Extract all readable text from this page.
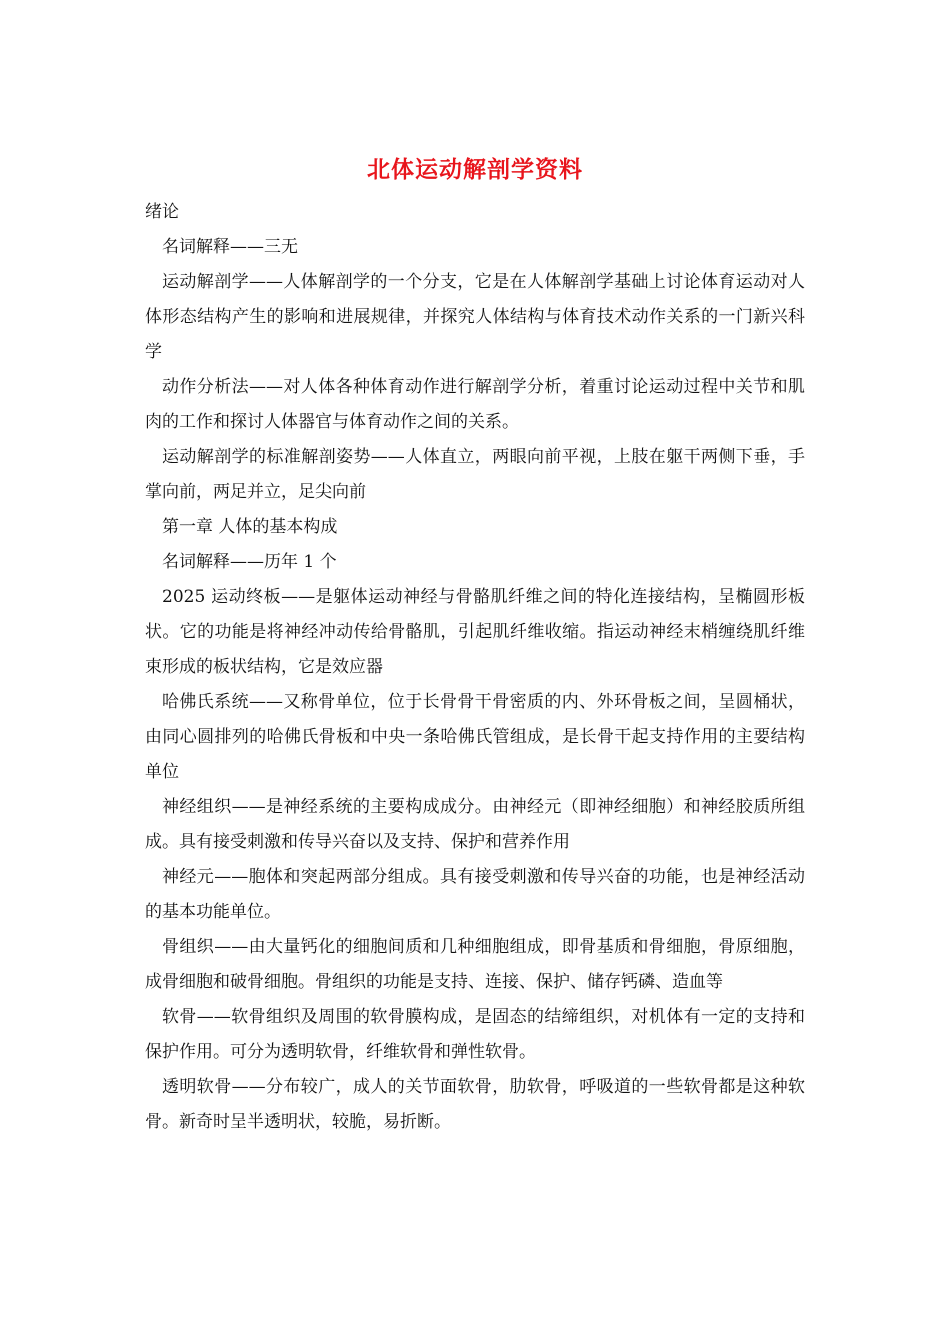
北体运动解剖学资料

绪论

名词解释——三无

运动解剖学——人体解剖学的一个分支，它是在人体解剖学基础上讨论体育运动对人体形态结构产生的影响和进展规律，并探究人体结构与体育技术动作关系的一门新兴科学

动作分析法——对人体各种体育动作进行解剖学分析，着重讨论运动过程中关节和肌肉的工作和探讨人体器官与体育动作之间的关系。

运动解剖学的标准解剖姿势——人体直立，两眼向前平视，上肢在躯干两侧下垂，手掌向前，两足并立，足尖向前

第一章 人体的基本构成

名词解释——历年 1 个

2025 运动终板——是躯体运动神经与骨骼肌纤维之间的特化连接结构，呈椭圆形板状。它的功能是将神经冲动传给骨骼肌，引起肌纤维收缩。指运动神经末梢缠绕肌纤维束形成的板状结构，它是效应器

哈佛氏系统——又称骨单位，位于长骨骨干骨密质的内、外环骨板之间，呈圆桶状，由同心圆排列的哈佛氏骨板和中央一条哈佛氏管组成，是长骨干起支持作用的主要结构单位

神经组织——是神经系统的主要构成成分。由神经元（即神经细胞）和神经胶质所组成。具有接受刺激和传导兴奋以及支持、保护和营养作用

神经元——胞体和突起两部分组成。具有接受刺激和传导兴奋的功能，也是神经活动的基本功能单位。

骨组织——由大量钙化的细胞间质和几种细胞组成，即骨基质和骨细胞，骨原细胞，成骨细胞和破骨细胞。骨组织的功能是支持、连接、保护、储存钙磷、造血等

软骨——软骨组织及周围的软骨膜构成，是固态的结缔组织，对机体有一定的支持和保护作用。可分为透明软骨，纤维软骨和弹性软骨。

透明软骨——分布较广，成人的关节面软骨，肋软骨，呼吸道的一些软骨都是这种软骨。新奇时呈半透明状，较脆，易折断。
